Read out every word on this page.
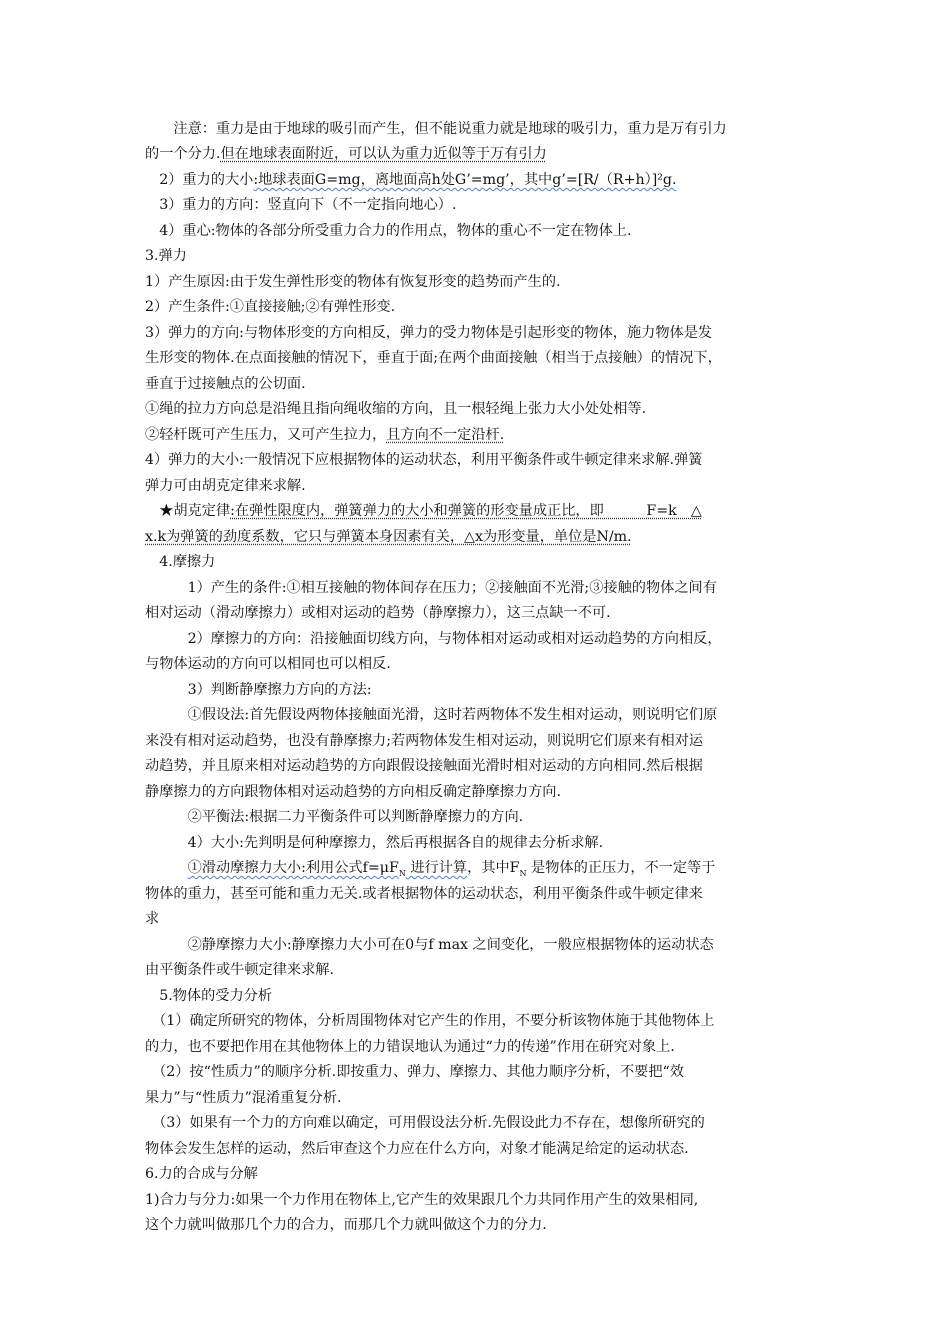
　　注意：重力是由于地球的吸引而产生，但不能说重力就是地球的吸引力，重力是万有引力
的一个分力.但在地球表面附近，可以认为重力近似等于万有引力
　2）重力的大小:地球表面G=mg，离地面高h处G’=mg’，其中g’=[R/（R+h）]²g.
　3）重力的方向：竖直向下（不一定指向地心）.
　4）重心:物体的各部分所受重力合力的作用点，物体的重心不一定在物体上.
3.弹力
1）产生原因:由于发生弹性形变的物体有恢复形变的趋势而产生的.
2）产生条件:①直接接触;②有弹性形变.
3）弹力的方向:与物体形变的方向相反，弹力的受力物体是引起形变的物体，施力物体是发
生形变的物体.在点面接触的情况下，垂直于面;在两个曲面接触（相当于点接触）的情况下，
垂直于过接触点的公切面.
①绳的拉力方向总是沿绳且指向绳收缩的方向，且一根轻绳上张力大小处处相等.
②轻杆既可产生压力，又可产生拉力，且方向不一定沿杆.
4）弹力的大小:一般情况下应根据物体的运动状态，利用平衡条件或牛顿定律来求解.弹簧
弹力可由胡克定律来求解.
　★胡克定律:在弹性限度内，弹簧弹力的大小和弹簧的形变量成正比，即　　　F=k　△
x.k为弹簧的劲度系数，它只与弹簧本身因素有关，△x为形变量，单位是N/m.
　4.摩擦力
　　　1）产生的条件:①相互接触的物体间存在压力；②接触面不光滑;③接触的物体之间有
相对运动（滑动摩擦力）或相对运动的趋势（静摩擦力），这三点缺一不可.
　　　2）摩擦力的方向：沿接触面切线方向，与物体相对运动或相对运动趋势的方向相反，
与物体运动的方向可以相同也可以相反.
　　　3）判断静摩擦力方向的方法:
　　　①假设法:首先假设两物体接触面光滑，这时若两物体不发生相对运动，则说明它们原
来没有相对运动趋势，也没有静摩擦力;若两物体发生相对运动，则说明它们原来有相对运
动趋势，并且原来相对运动趋势的方向跟假设接触面光滑时相对运动的方向相同.然后根据
静摩擦力的方向跟物体相对运动趋势的方向相反确定静摩擦力方向.
　　　②平衡法:根据二力平衡条件可以判断静摩擦力的方向.
　　　4）大小:先判明是何种摩擦力，然后再根据各自的规律去分析求解.
　　　①滑动摩擦力大小:利用公式$f=\mu F_N$ 进行计算，其中$F_N$ 是物体的正压力，不一定等于
物体的重力，甚至可能和重力无关.或者根据物体的运动状态，利用平衡条件或牛顿定律来
求
　　　②静摩擦力大小:静摩擦力大小可在0与f max 之间变化，一般应根据物体的运动状态
由平衡条件或牛顿定律来求解.
　5.物体的受力分析
　（1）确定所研究的物体，分析周围物体对它产生的作用，不要分析该物体施于其他物体上
的力，也不要把作用在其他物体上的力错误地认为通过“力的传递”作用在研究对象上.
　（2）按“性质力”的顺序分析.即按重力、弹力、摩擦力、其他力顺序分析，不要把“效
果力”与“性质力”混淆重复分析.
　（3）如果有一个力的方向难以确定，可用假设法分析.先假设此力不存在，想像所研究的
物体会发生怎样的运动，然后审查这个力应在什么方向，对象才能满足给定的运动状态.
6.力的合成与分解
1)合力与分力:如果一个力作用在物体上,它产生的效果跟几个力共同作用产生的效果相同,
这个力就叫做那几个力的合力，而那几个力就叫做这个力的分力.
